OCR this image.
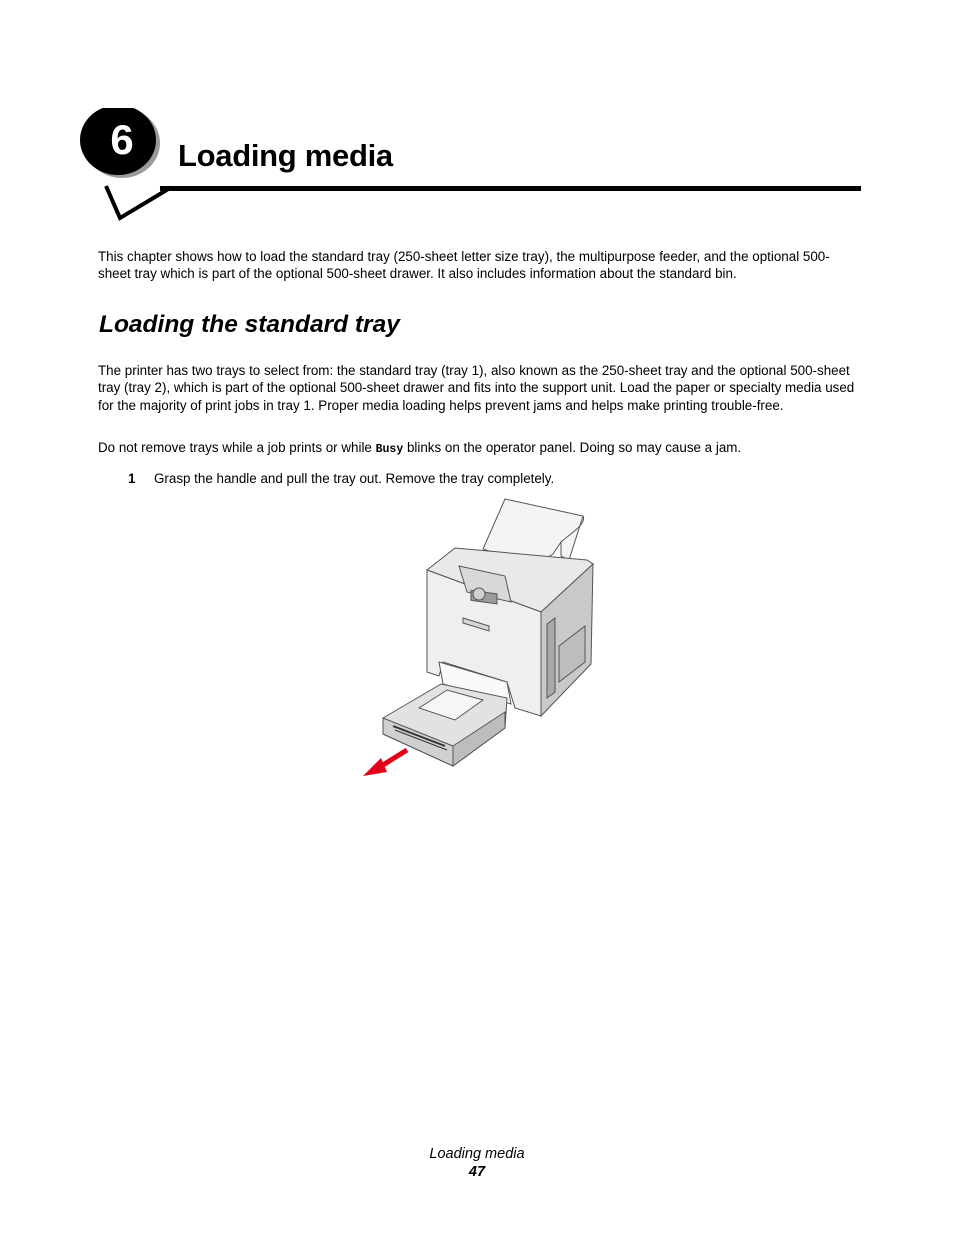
6 Loading media

This chapter shows how to load the standard tray (250-sheet letter size tray), the multipurpose feeder, and the optional 500-sheet tray which is part of the optional 500-sheet drawer. It also includes information about the standard bin.

Loading the standard tray

The printer has two trays to select from: the standard tray (tray 1), also known as the 250-sheet tray and the optional 500-sheet tray (tray 2), which is part of the optional 500-sheet drawer and fits into the support unit. Load the paper or specialty media used for the majority of print jobs in tray 1. Proper media loading helps prevent jams and helps make printing trouble-free.

Do not remove trays while a job prints or while Busy blinks on the operator panel. Doing so may cause a jam.

1 Grasp the handle and pull the tray out. Remove the tray completely.
Loading media
47
